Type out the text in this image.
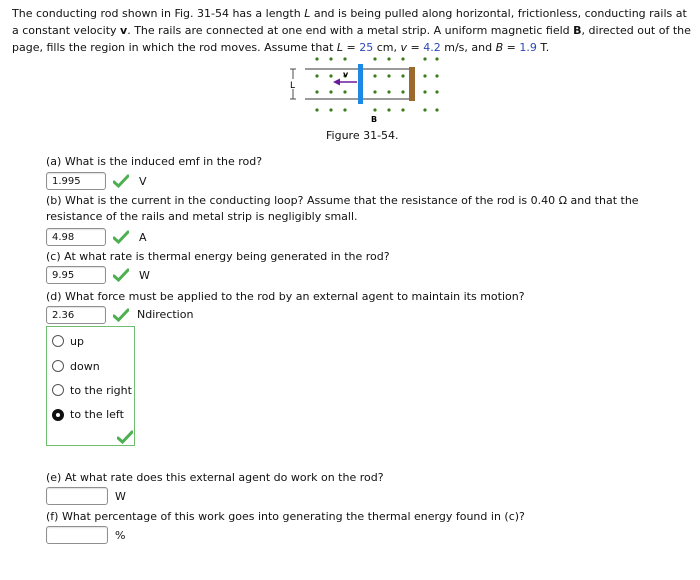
The conducting rod shown in Fig. 31-54 has a length L and is being pulled along horizontal, frictionless, conducting rails at a constant velocity v. The rails are connected at one end with a metal strip. A uniform magnetic field B, directed out of the page, fills the region in which the rod moves. Assume that L = 25 cm, v = 4.2 m/s, and B = 1.9 T.
v
L
B
Figure 31-54.
(a) What is the induced emf in the rod?
1.995	V
(b) What is the current in the conducting loop? Assume that the resistance of the rod is 0.40 Ω and that the resistance of the rails and metal strip is negligibly small.
4.98	A
(c) At what rate is thermal energy being generated in the rod?
9.95	W
(d) What force must be applied to the rod by an external agent to maintain its motion?
2.36	Ndirection
up
down
to the right
to the left
(e) At what rate does this external agent do work on the rod?
W
(f) What percentage of this work goes into generating the thermal energy found in (c)?
%
